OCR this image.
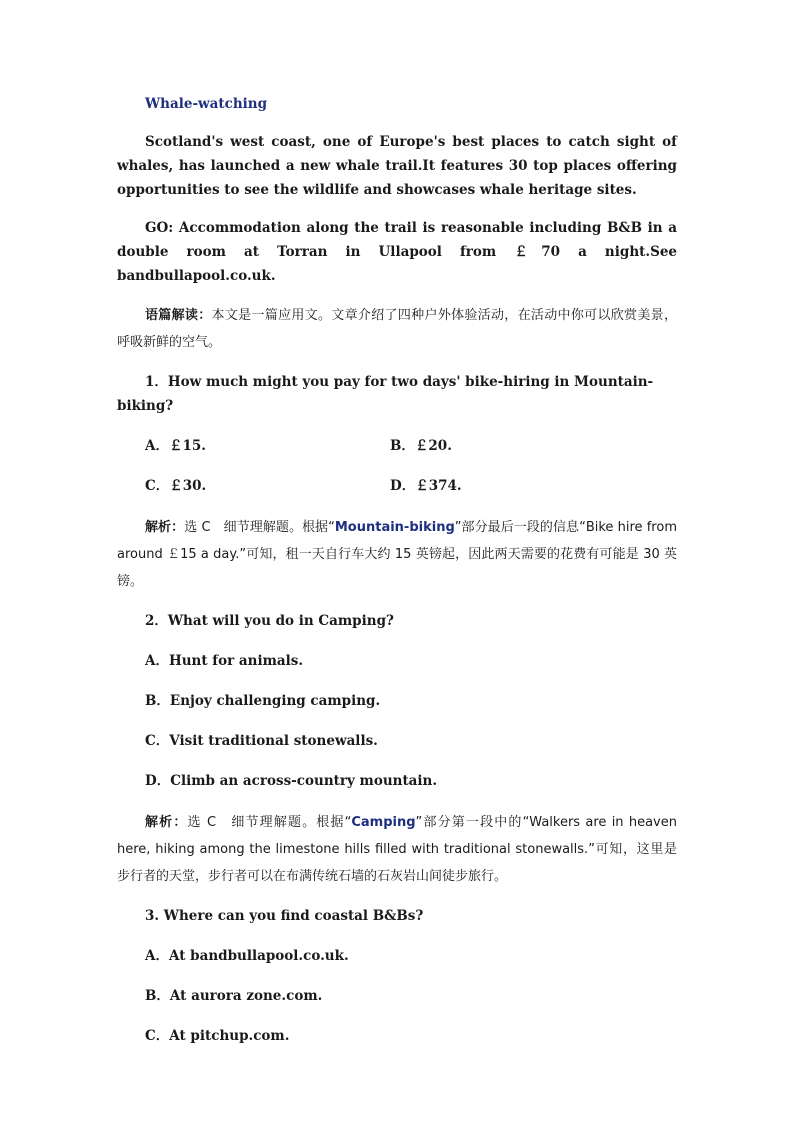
Whale-watching
Scotland's west coast, one of Europe's best places to catch sight of whales, has launched a new whale trail.It features 30 top places offering opportunities to see the wildlife and showcases whale heritage sites.
GO: Accommodation along the trail is reasonable including B&B in a double room at Torran in Ullapool from ￡70 a night.See bandbullapool.co.uk.
语篇解读：本文是一篇应用文。文章介绍了四种户外体验活动，在活动中你可以欣赏美景，呼吸新鲜的空气。
1．How much might you pay for two days' bike-hiring in Mountain-biking?
A．￡15.	B．￡20.
C．￡30.	D．￡374.
解析：选 C　细节理解题。根据“Mountain-biking”部分最后一段的信息“Bike hire from around ￡15 a day.”可知，租一天自行车大约 15 英镑起，因此两天需要的花费有可能是 30 英镑。
2．What will you do in Camping?
A．Hunt for animals.
B．Enjoy challenging camping.
C．Visit traditional stonewalls.
D．Climb an across-country mountain.
解析：选 C　细节理解题。根据“Camping”部分第一段中的“Walkers are in heaven here, hiking among the limestone hills filled with traditional stonewalls.”可知，这里是步行者的天堂，步行者可以在布满传统石墙的石灰岩山间徒步旅行。
3. Where can you find coastal B&Bs?
A．At bandbullapool.co.uk.
B．At aurora zone.com.
C．At pitchup.com.
